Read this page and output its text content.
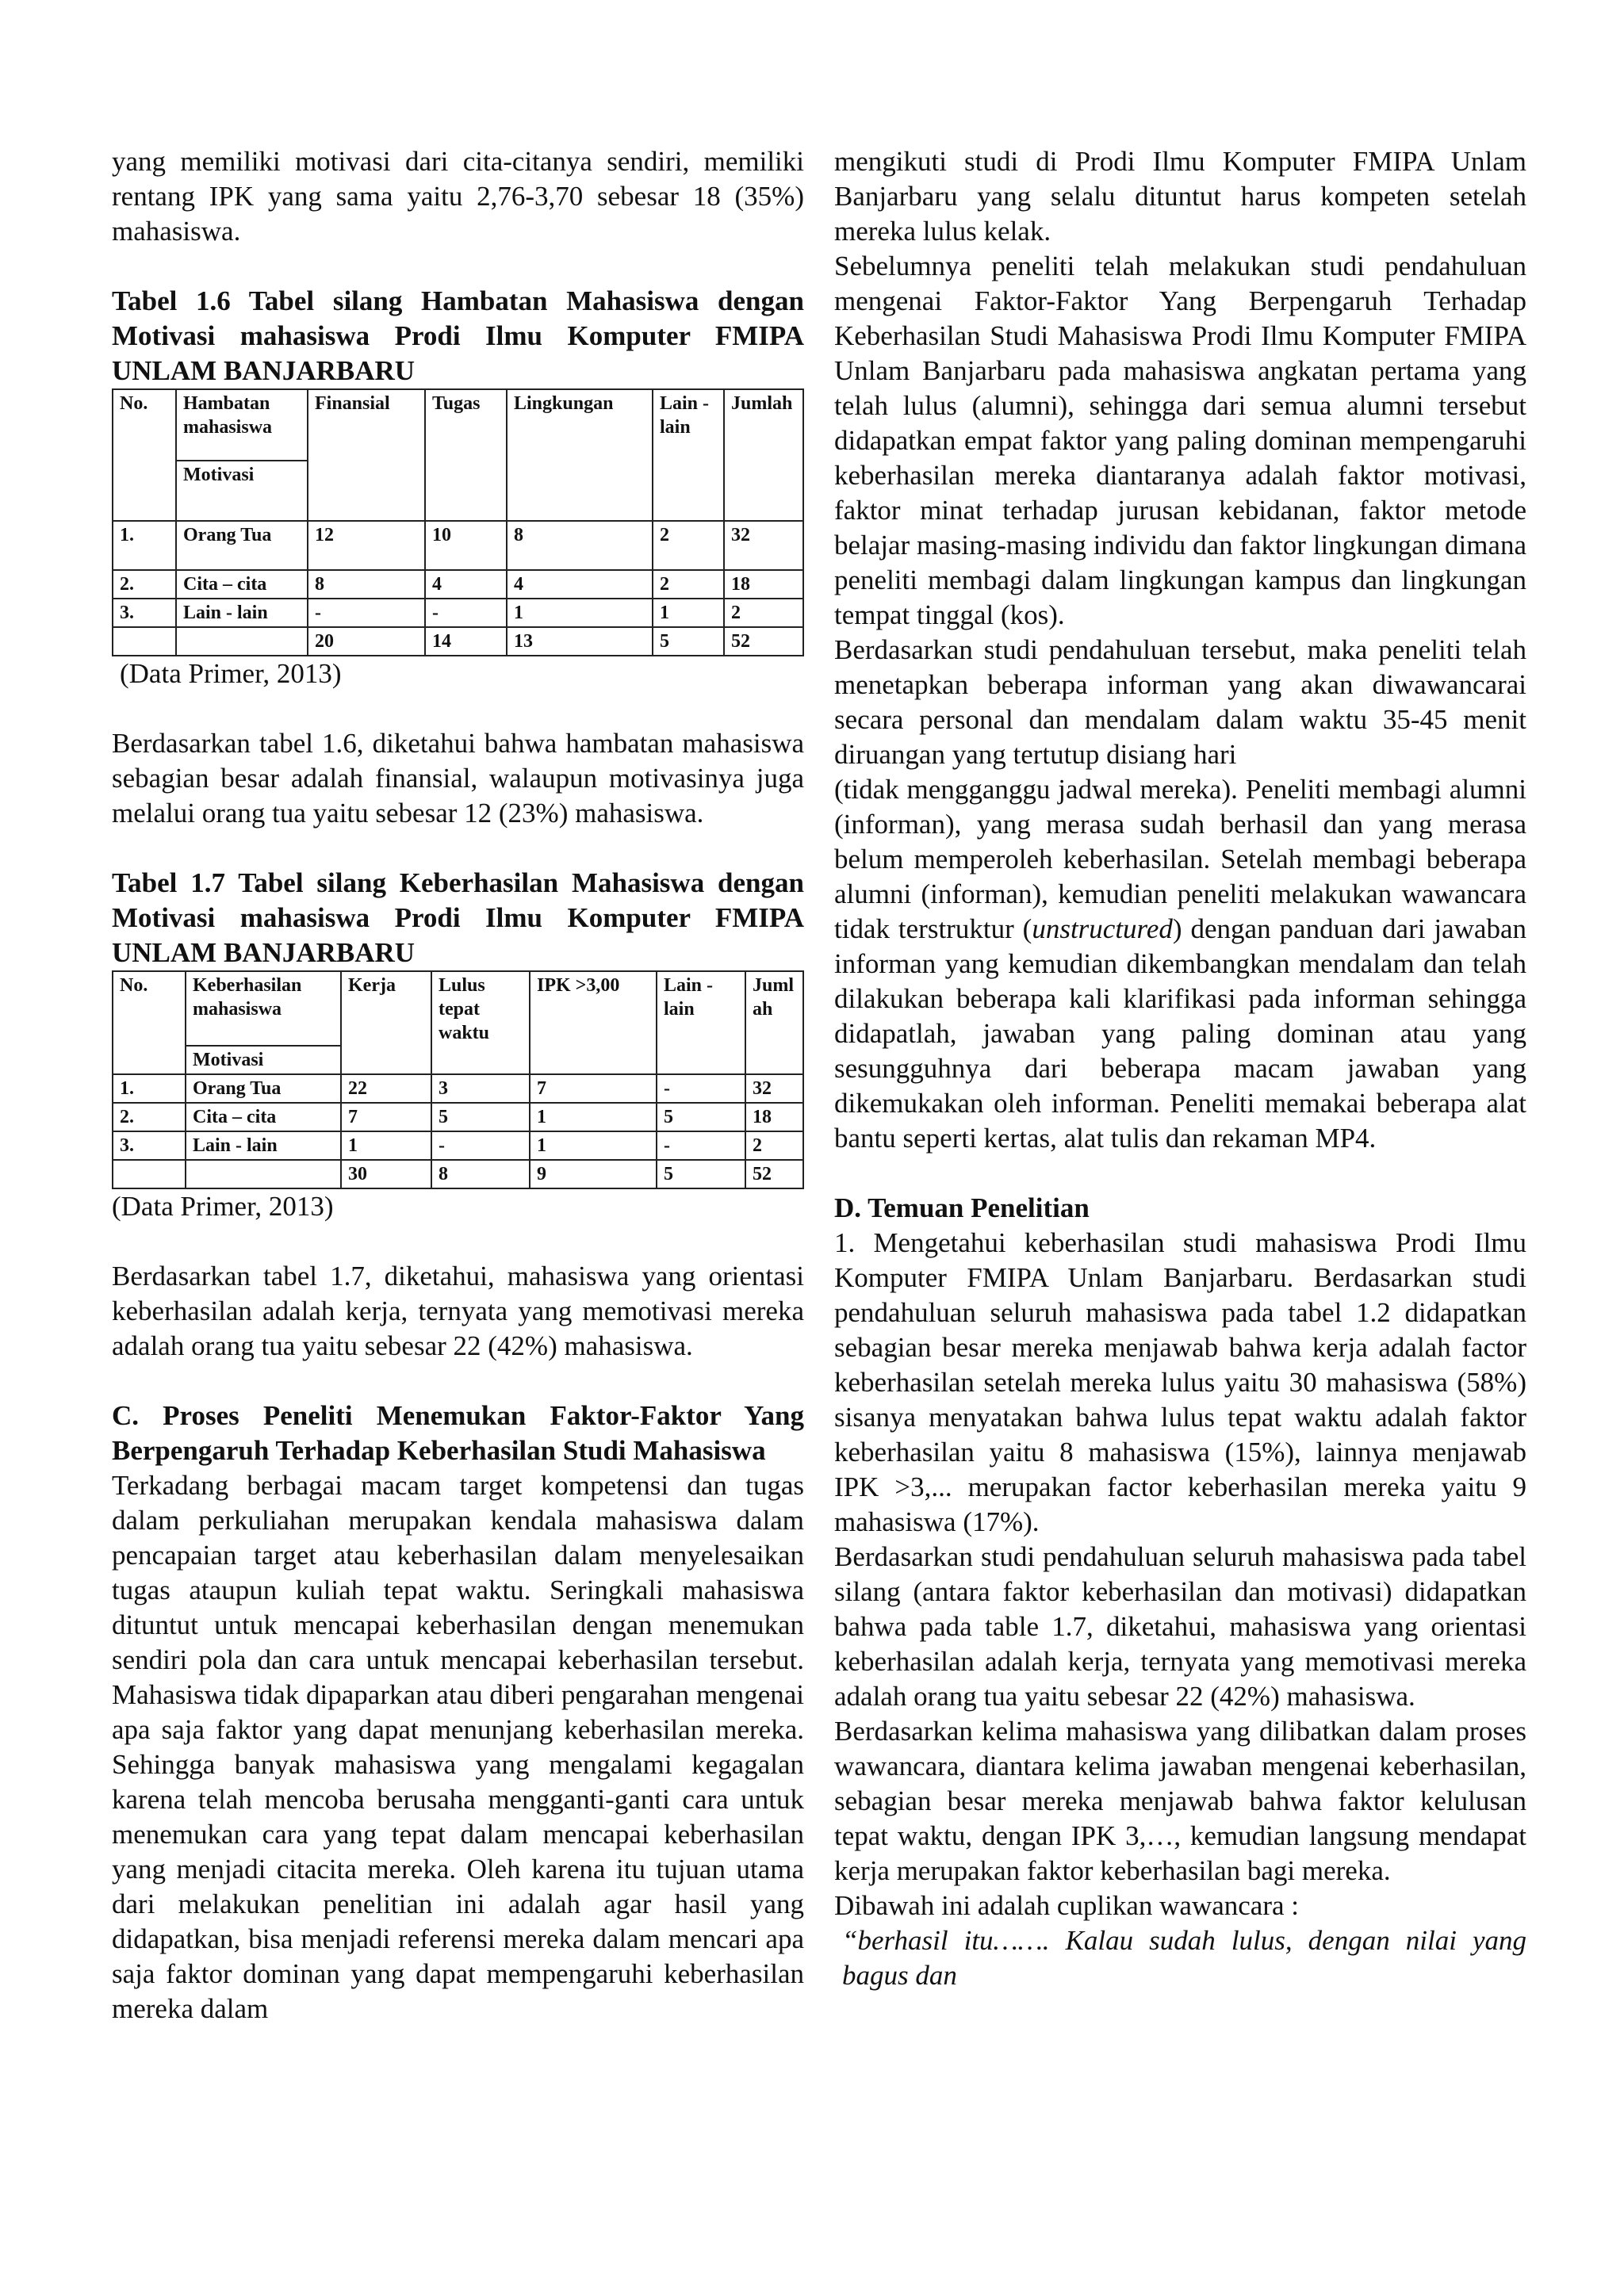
yang memiliki motivasi dari cita-citanya sendiri, memiliki rentang IPK yang sama yaitu 2,76-3,70 sebesar 18 (35%) mahasiswa.

Tabel 1.6 Tabel silang Hambatan Mahasiswa dengan Motivasi mahasiswa Prodi Ilmu Komputer FMIPA UNLAM BANJARBARU
No.	Hambatan mahasiswa	Finansial	Tugas	Lingkungan	Lain - lain	Jumlah
	Motivasi					
1.	Orang Tua	12	10	8	2	32
2.	Cita – cita	8	4	4	2	18
3.	Lain - lain	-	-	1	1	2
		20	14	13	5	52

(Data Primer, 2013)

Berdasarkan tabel 1.6, diketahui bahwa hambatan mahasiswa sebagian besar adalah finansial, walaupun motivasinya juga melalui orang tua yaitu sebesar 12 (23%) mahasiswa.

Tabel 1.7 Tabel silang Keberhasilan Mahasiswa dengan Motivasi mahasiswa Prodi Ilmu Komputer FMIPA UNLAM BANJARBARU
No.	Keberhasilan mahasiswa	Kerja	Lulus tepat waktu	IPK >3,00	Lain - lain	Juml ah
	Motivasi					
1.	Orang Tua	22	3	7	-	32
2.	Cita – cita	7	5	1	5	18
3.	Lain - lain	1	-	1	-	2
		30	8	9	5	52

(Data Primer, 2013)

Berdasarkan tabel 1.7, diketahui, mahasiswa yang orientasi keberhasilan adalah kerja, ternyata yang memotivasi mereka adalah orang tua yaitu sebesar 22 (42%) mahasiswa.

C. Proses Peneliti Menemukan Faktor-Faktor Yang Berpengaruh Terhadap Keberhasilan Studi Mahasiswa

Terkadang berbagai macam target kompetensi dan tugas dalam perkuliahan merupakan kendala mahasiswa dalam pencapaian target atau keberhasilan dalam menyelesaikan tugas ataupun kuliah tepat waktu. Seringkali mahasiswa dituntut untuk mencapai keberhasilan dengan menemukan sendiri pola dan cara untuk mencapai keberhasilan tersebut. Mahasiswa tidak dipaparkan atau diberi pengarahan mengenai apa saja faktor yang dapat menunjang keberhasilan mereka. Sehingga banyak mahasiswa yang mengalami kegagalan karena telah mencoba berusaha mengganti-ganti cara untuk menemukan cara yang tepat dalam mencapai keberhasilan yang menjadi citacita mereka. Oleh karena itu tujuan utama dari melakukan penelitian ini adalah agar hasil yang didapatkan, bisa menjadi referensi mereka dalam mencari apa saja faktor dominan yang dapat mempengaruhi keberhasilan mereka dalam

mengikuti studi di Prodi Ilmu Komputer FMIPA Unlam Banjarbaru yang selalu dituntut harus kompeten setelah mereka lulus kelak.

Sebelumnya peneliti telah melakukan studi pendahuluan mengenai Faktor-Faktor Yang Berpengaruh Terhadap Keberhasilan Studi Mahasiswa Prodi Ilmu Komputer FMIPA Unlam Banjarbaru pada mahasiswa angkatan pertama yang telah lulus (alumni), sehingga dari semua alumni tersebut didapatkan empat faktor yang paling dominan mempengaruhi keberhasilan mereka diantaranya adalah faktor motivasi, faktor minat terhadap jurusan kebidanan, faktor metode belajar masing-masing individu dan faktor lingkungan dimana peneliti membagi dalam lingkungan kampus dan lingkungan tempat tinggal (kos).

Berdasarkan studi pendahuluan tersebut, maka peneliti telah menetapkan beberapa informan yang akan diwawancarai secara personal dan mendalam dalam waktu 35-45 menit diruangan yang tertutup disiang hari
(tidak mengganggu jadwal mereka). Peneliti membagi alumni (informan), yang merasa sudah berhasil dan yang merasa belum memperoleh keberhasilan. Setelah membagi beberapa alumni (informan), kemudian peneliti melakukan wawancara tidak terstruktur (unstructured) dengan panduan dari jawaban informan yang kemudian dikembangkan mendalam dan telah dilakukan beberapa kali klarifikasi pada informan sehingga didapatlah, jawaban yang paling dominan atau yang sesungguhnya dari beberapa macam jawaban yang dikemukakan oleh informan. Peneliti memakai beberapa alat bantu seperti kertas, alat tulis dan rekaman MP4.

D. Temuan Penelitian

1. Mengetahui keberhasilan studi mahasiswa Prodi Ilmu Komputer FMIPA Unlam Banjarbaru. Berdasarkan studi pendahuluan seluruh mahasiswa pada tabel 1.2 didapatkan sebagian besar mereka menjawab bahwa kerja adalah factor keberhasilan setelah mereka lulus yaitu 30 mahasiswa (58%) sisanya menyatakan bahwa lulus tepat waktu adalah faktor keberhasilan yaitu 8 mahasiswa (15%), lainnya menjawab IPK >3,... merupakan factor keberhasilan mereka yaitu 9 mahasiswa (17%).

Berdasarkan studi pendahuluan seluruh mahasiswa pada tabel silang (antara faktor keberhasilan dan motivasi) didapatkan bahwa pada table 1.7, diketahui, mahasiswa yang orientasi keberhasilan adalah kerja, ternyata yang memotivasi mereka adalah orang tua yaitu sebesar 22 (42%) mahasiswa.

Berdasarkan kelima mahasiswa yang dilibatkan dalam proses wawancara, diantara kelima jawaban mengenai keberhasilan, sebagian besar mereka menjawab bahwa faktor kelulusan tepat waktu, dengan IPK 3,…, kemudian langsung mendapat kerja merupakan faktor keberhasilan bagi mereka.

Dibawah ini adalah cuplikan wawancara :

“berhasil itu……. Kalau sudah lulus, dengan nilai yang bagus dan
